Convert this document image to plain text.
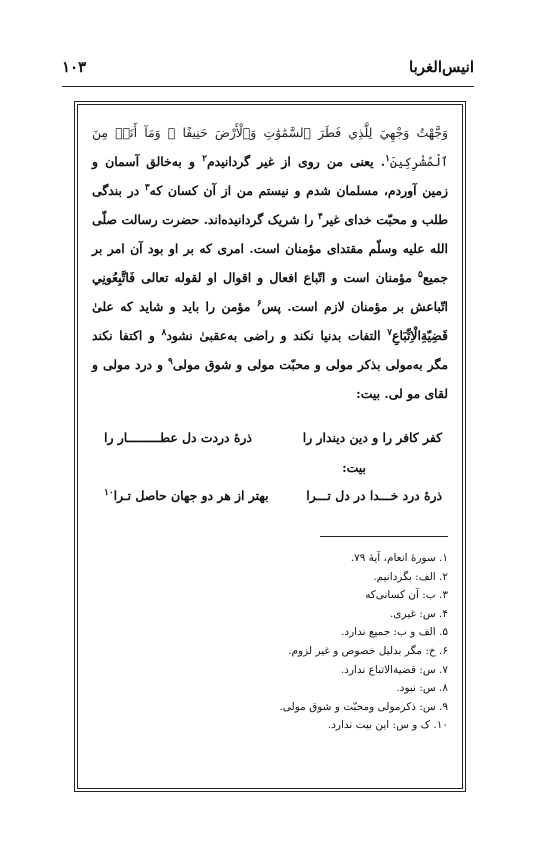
انیس‌الغربا
۱۰۳
وَجَّهْتُ وَجْهِيَ لِلَّذِي فَطَرَ ٱلسَّمَٰوَٰتِ وَٱلْأَرْضَ حَنِيفًا ۖ وَمَآ أَنَا۠ مِنَ ٱلْمُشْرِكِينَ$^۱$. یعنی من روی از غیر گردانیدم$^۲$ و به‌خالق آسمان و زمین آوردم، مسلمان شدم و نیستم من از آن کسان که$^۳$ در بندگی طلب و محبّت خدای غیر$^۴$ را شریک گردانیده‌اند. حضرت رسالت صلّی الله علیه وسلّم مقتدای مؤمنان است. امری که بر او بود آن امر بر جمیع$^۵$ مؤمنان است و اتّباع افعال و اقوال او لقوله تعالی فَاتَّبِعُونِي اتّباعش بر مؤمنان لازم است. پس$^۶$ مؤمن را باید و شاید که علیٰ قَضِيّةِالْاِتِّبَاعِ$^۷$ التفات بدنیا نکند و راضی به‌عقبیٰ نشود$^۸$ و اکتفا نکند مگر به‌مولی بذکر مولی و محبّت مولی و شوق مولی$^۹$ و درد مولی و لقای مو لی. بیت:
کفر کافر را و دین دیندار را
ذرۀ دردت دل عطـــــــــار را
بیت:
ذرۀ درد خـــدا در دل تـــرا
بهتر از هر دو جهان حاصل تـرا$^{۱۰}$
۱. سورۀ انعام، آیۀ ۷۹.
۲. الف: بگردانیم.
۳. ب: آن کسانی‌که
۴. س: غیری.
۵. الف و ب: جمیع ندارد.
۶. خ: مگر بدلیل خصوص و غیر لزوم.
۷. س: قضیةالاتباع ندارد.
۸. س: نبود.
۹. س: ذکرمولی ومحبّت و شوق مولی.
۱۰. ک و س: این بیت ندارد.
